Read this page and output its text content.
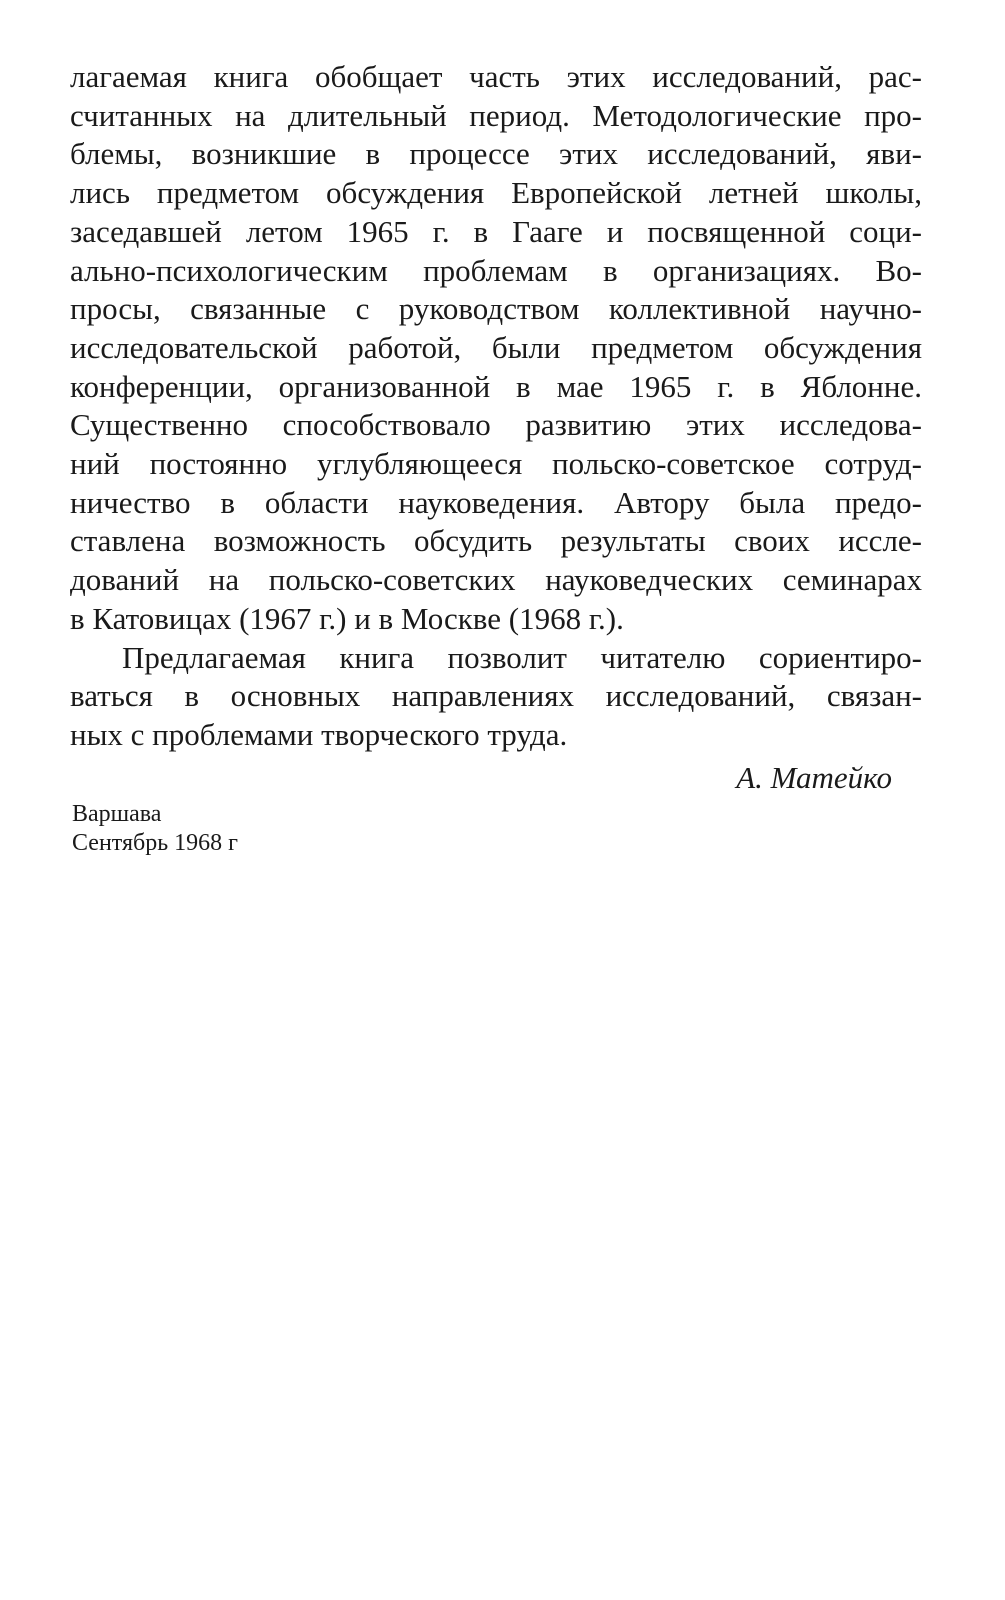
лагаемая книга обобщает часть этих исследований, рас-
считанных на длительный период. Методологические про-
блемы, возникшие в процессе этих исследований, яви-
лись предметом обсуждения Европейской летней школы,
заседавшей летом 1965 г. в Гааге и посвященной соци-
ально-психологическим проблемам в организациях. Во-
просы, связанные с руководством коллективной научно-
исследовательской работой, были предметом обсуждения
конференции, организованной в мае 1965 г. в Яблонне.
Существенно способствовало развитию этих исследова-
ний постоянно углубляющееся польско-советское сотруд-
ничество в области науковедения. Автору была предо-
ставлена возможность обсудить результаты своих иссле-
дований на польско-советских науковедческих семинарах
в Катовицах (1967 г.) и в Москве (1968 г.).
Предлагаемая книга позволит читателю сориентиро-
ваться в основных направлениях исследований, связан-
ных с проблемами творческого труда.
А. Матейко
Варшава
Сентябрь 1968 г
